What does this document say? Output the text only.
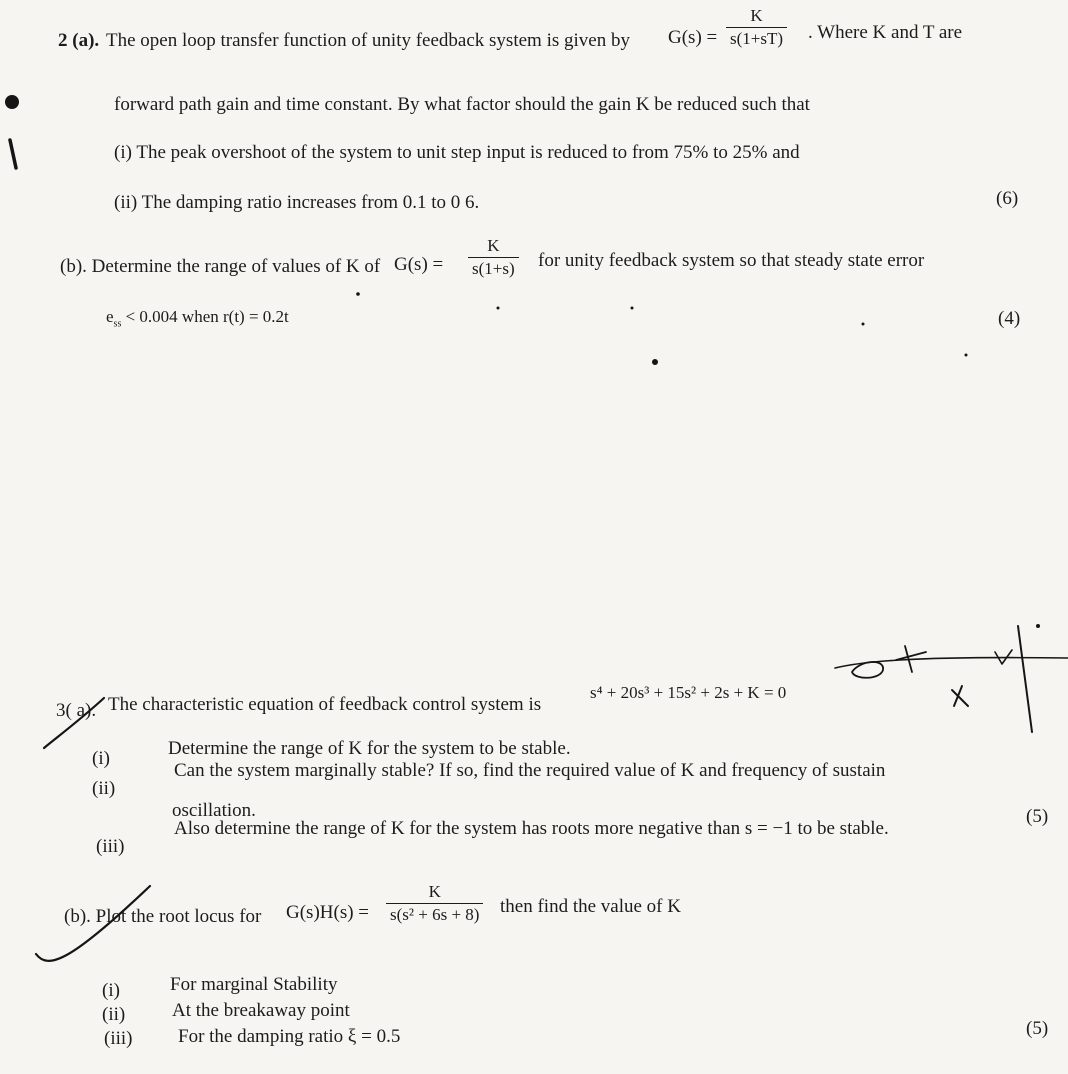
2 (a). The open loop transfer function of unity feedback system is given by $G(s) = \frac{K}{s(1+sT)}$ . Where K and T are
forward path gain and time constant. By what factor should the gain K be reduced such that
(i) The peak overshoot of the system to unit step input is reduced to from 75% to 25% and
(ii) The damping ratio increases from 0.1 to 0 6.	(6)
(b). Determine the range of values of K of $G(s) = \frac{K}{s(1+s)}$ for unity feedback system so that steady state error
$e_{ss} < 0.004$ when r(t) = 0.2t	(4)
3( a). The characteristic equation of feedback control system is
s⁴ + 20s³ + 15s² + 2s + K = 0
(i)	Determine the range of K for the system to be stable.
(ii)
Can the system marginally stable? If so, find the required value of K and frequency of sustain
oscillation.
(iii)
Also determine the range of K for the system has roots more negative than s = −1 to be stable.
(5)
(b). Plot the root locus for $G(s)H(s) = \frac{K}{\text{s(s² + 6s + 8)}}$ then find the value of K
(i)	For marginal Stability
(ii) At the breakaway point
(iii) For the damping ratio ξ = 0.5	(5)
